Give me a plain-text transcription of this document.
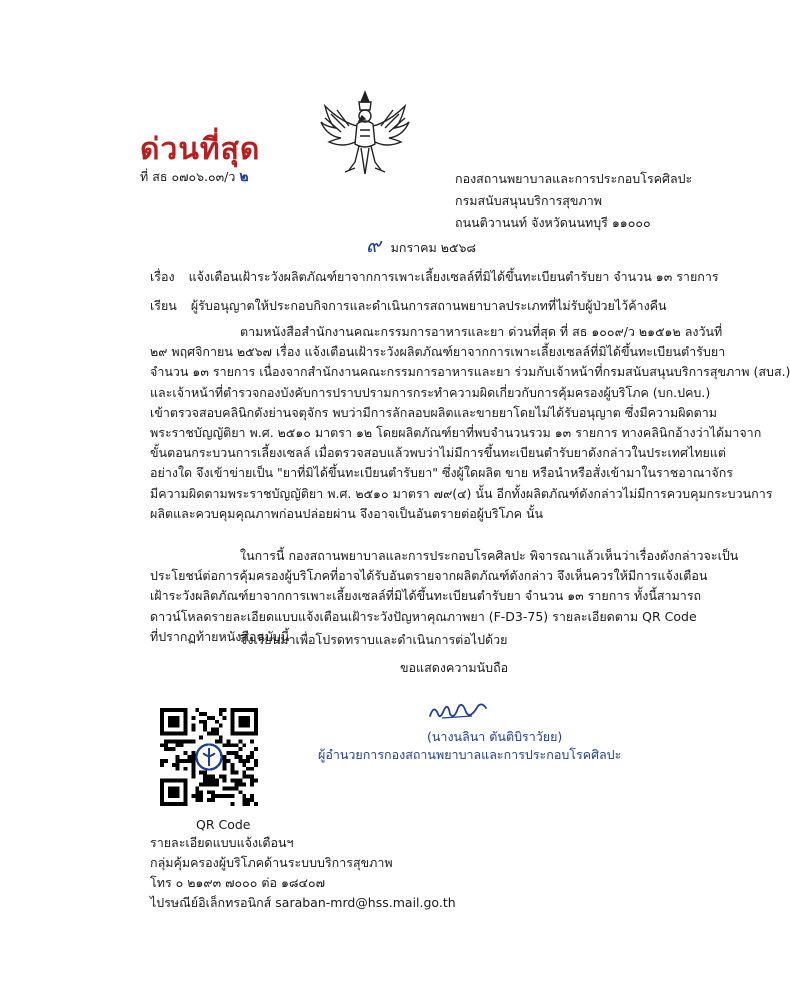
ด่วนที่สุด
ที่ สธ ๐๗๐๖.๐๓/ว ๒	กองสถานพยาบาลและการประกอบโรคศิลปะ
กรมสนับสนุนบริการสุขภาพ
ถนนติวานนท์ จังหวัดนนทบุรี ๑๑๐๐๐
๙ มกราคม ๒๕๖๘
เรื่อง แจ้งเตือนเฝ้าระวังผลิตภัณฑ์ยาจากการเพาะเลี้ยงเซลล์ที่มิได้ขึ้นทะเบียนตำรับยา จำนวน ๑๓ รายการ
เรียน ผู้รับอนุญาตให้ประกอบกิจการและดำเนินการสถานพยาบาลประเภทที่ไม่รับผู้ป่วยไว้ค้างคืน
ตามหนังสือสำนักงานคณะกรรมการอาหารและยา ด่วนที่สุด ที่ สธ ๑๐๐๙/ว ๒๑๕๑๒ ลงวันที่
๒๙ พฤศจิกายน ๒๕๖๗ เรื่อง แจ้งเตือนเฝ้าระวังผลิตภัณฑ์ยาจากการเพาะเลี้ยงเซลล์ที่มิได้ขึ้นทะเบียนตำรับยา
จำนวน ๑๓ รายการ เนื่องจากสำนักงานคณะกรรมการอาหารและยา ร่วมกับเจ้าหน้าที่กรมสนับสนุนบริการสุขภาพ (สบส.)
และเจ้าหน้าที่ตำรวจกองบังคับการปราบปรามการกระทำความผิดเกี่ยวกับการคุ้มครองผู้บริโภค (บก.ปคบ.)
เข้าตรวจสอบคลินิกดังย่านจตุจักร พบว่ามีการลักลอบผลิตและขายยาโดยไม่ได้รับอนุญาต ซึ่งมีความผิดตาม
พระราชบัญญัติยา พ.ศ. ๒๕๑๐ มาตรา ๑๒ โดยผลิตภัณฑ์ยาที่พบจำนวนรวม ๑๓ รายการ ทางคลินิกอ้างว่าได้มาจาก
ขั้นตอนกระบวนการเลี้ยงเซลล์ เมื่อตรวจสอบแล้วพบว่าไม่มีการขึ้นทะเบียนตำรับยาดังกล่าวในประเทศไทยแต่
อย่างใด จึงเข้าข่ายเป็น "ยาที่มิได้ขึ้นทะเบียนตำรับยา" ซึ่งผู้ใดผลิต ขาย หรือนำหรือสั่งเข้ามาในราชอาณาจักร
มีความผิดตามพระราชบัญญัติยา พ.ศ. ๒๕๑๐ มาตรา ๗๙(๔) นั้น อีกทั้งผลิตภัณฑ์ดังกล่าวไม่มีการควบคุมกระบวนการ
ผลิตและควบคุมคุณภาพก่อนปล่อยผ่าน จึงอาจเป็นอันตรายต่อผู้บริโภค นั้น
ในการนี้ กองสถานพยาบาลและการประกอบโรคศิลปะ พิจารณาแล้วเห็นว่าเรื่องดังกล่าวจะเป็น
ประโยชน์ต่อการคุ้มครองผู้บริโภคที่อาจได้รับอันตรายจากผลิตภัณฑ์ดังกล่าว จึงเห็นควรให้มีการแจ้งเตือน
เฝ้าระวังผลิตภัณฑ์ยาจากการเพาะเลี้ยงเซลล์ที่มิได้ขึ้นทะเบียนตำรับยา จำนวน ๑๓ รายการ ทั้งนี้สามารถ
ดาวน์โหลดรายละเอียดแบบแจ้งเตือนเฝ้าระวังปัญหาคุณภาพยา (F-D3-75) รายละเอียดตาม QR Code
ที่ปรากฏท้ายหนังสือฉบับนี้
จึงเรียนมาเพื่อโปรดทราบและดำเนินการต่อไปด้วย
ขอแสดงความนับถือ
(นางนลินา ตันติบิราวัยย)
ผู้อำนวยการกองสถานพยาบาลและการประกอบโรคศิลปะ
QR Code
รายละเอียดแบบแจ้งเตือนฯ
กลุ่มคุ้มครองผู้บริโภคด้านระบบบริการสุขภาพ
โทร ๐ ๒๑๙๓ ๗๐๐๐ ต่อ ๑๘๔๐๗
ไปรษณีย์อิเล็กทรอนิกส์ saraban-mrd@hss.mail.go.th
